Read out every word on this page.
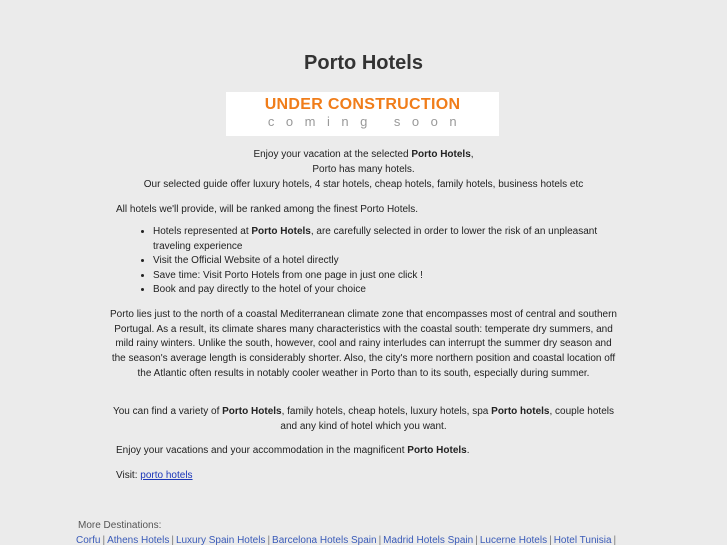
Porto Hotels
UNDER CONSTRUCTION
coming soon
Enjoy your vacation at the selected Porto Hotels,
Porto has many hotels.
Our selected guide offer luxury hotels, 4 star hotels, cheap hotels, family hotels, business hotels etc
All hotels we'll provide, will be ranked among the finest Porto Hotels.
• Hotels represented at Porto Hotels, are carefully selected in order to lower the risk of an unpleasant traveling experience
• Visit the Official Website of a hotel directly
• Save time: Visit Porto Hotels from one page in just one click !
• Book and pay directly to the hotel of your choice
Porto lies just to the north of a coastal Mediterranean climate zone that encompasses most of central and southern Portugal. As a result, its climate shares many characteristics with the coastal south: temperate dry summers, and mild rainy winters. Unlike the south, however, cool and rainy interludes can interrupt the summer dry season and the season's average length is considerably shorter. Also, the city's more northern position and coastal location off the Atlantic often results in notably cooler weather in Porto than to its south, especially during summer.
You can find a variety of Porto Hotels, family hotels, cheap hotels, luxury hotels, spa Porto hotels, couple hotels and any kind of hotel which you want.
Enjoy your vacations and your accommodation in the magnificent Porto Hotels.
Visit: porto hotels
More Destinations:
Corfu | Athens Hotels | Luxury Spain Hotels | Barcelona Hotels Spain | Madrid Hotels Spain | Lucerne Hotels | Hotel Tunisia |
